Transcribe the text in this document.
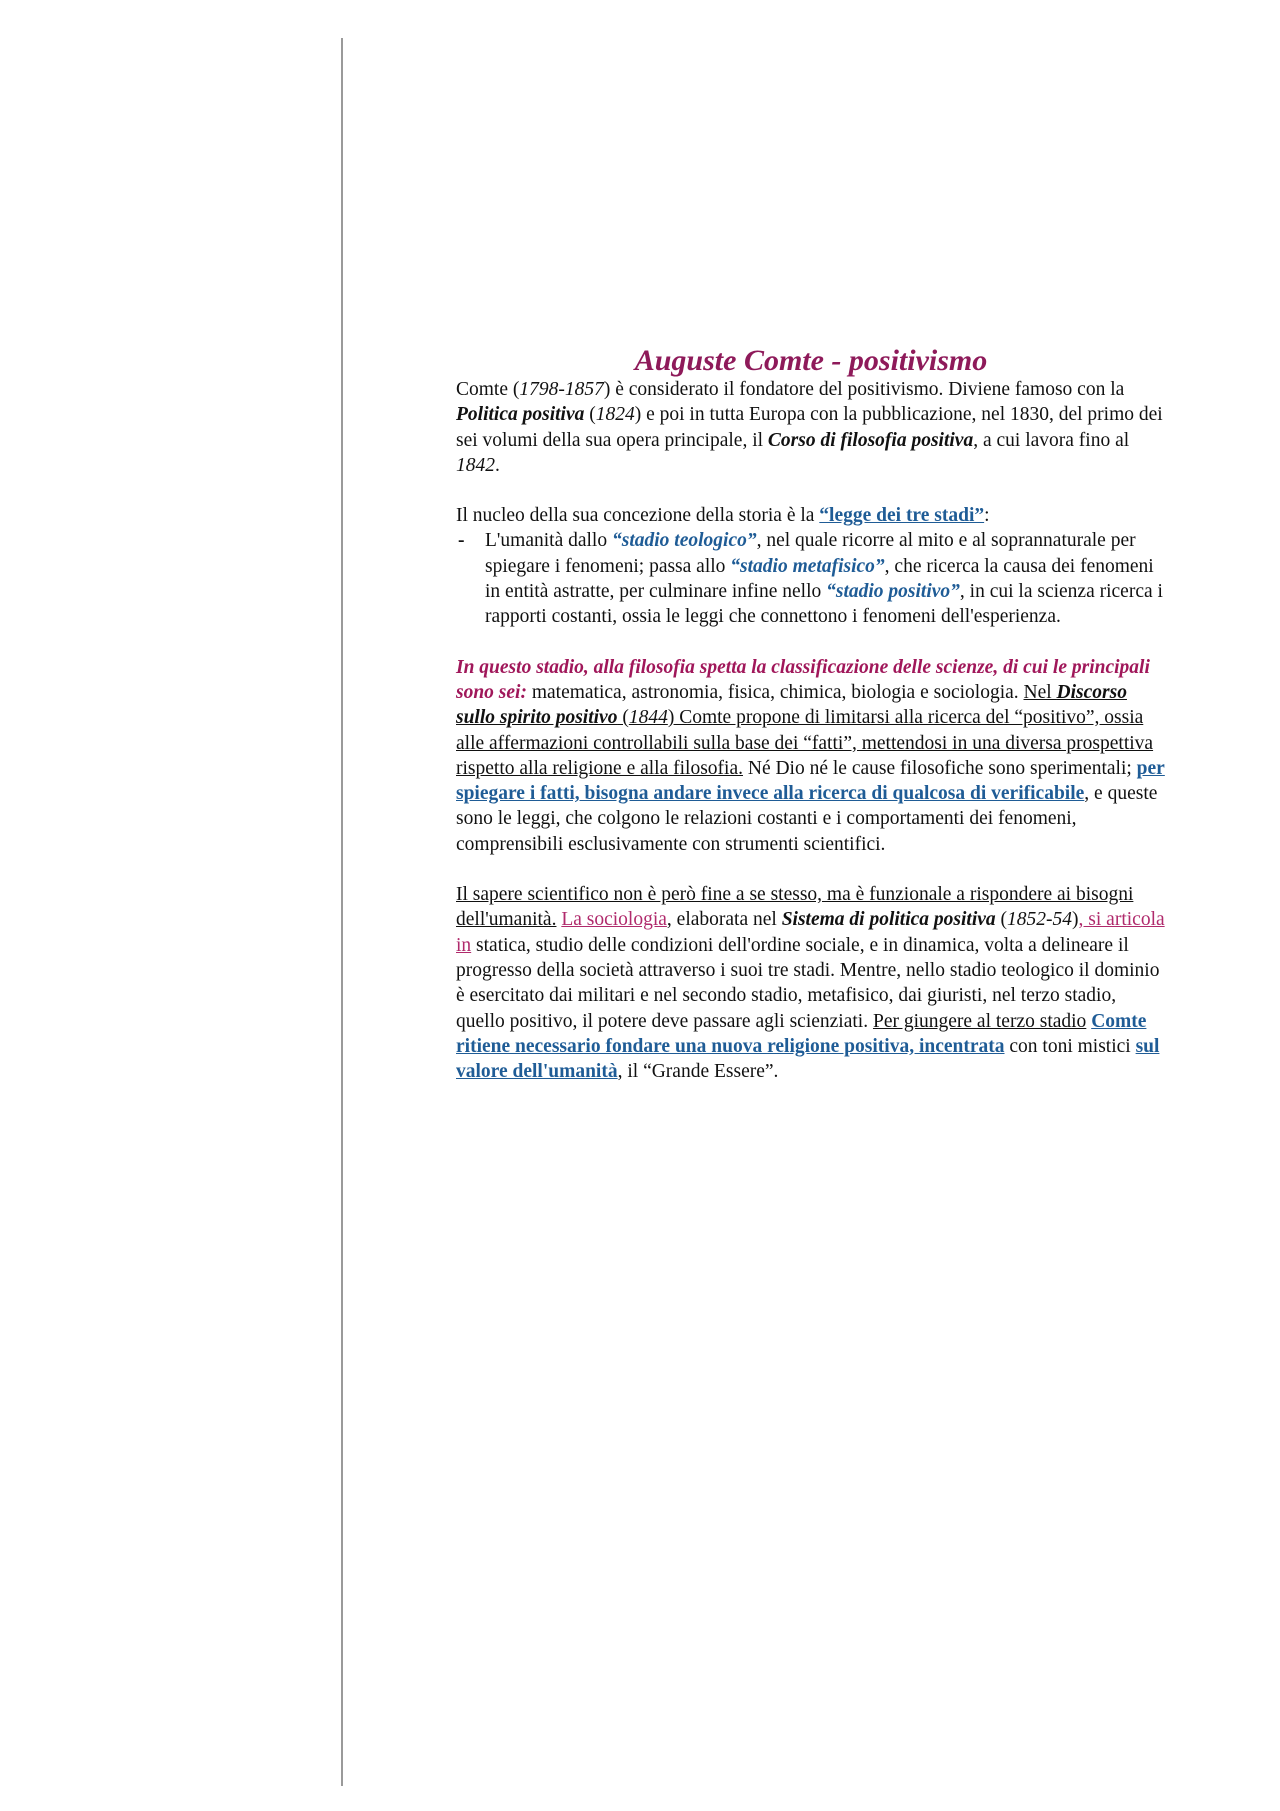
Auguste Comte - positivismo

Comte (1798-1857) è considerato il fondatore del positivismo. Diviene famoso con la Politica positiva (1824) e poi in tutta Europa con la pubblicazione, nel 1830, del primo dei sei volumi della sua opera principale, il Corso di filosofia positiva, a cui lavora fino al 1842.

Il nucleo della sua concezione della storia è la “legge dei tre stadi”:

-	L'umanità dallo “stadio teologico”, nel quale ricorre al mito e al soprannaturale per spiegare i fenomeni; passa allo “stadio metafisico”, che ricerca la causa dei fenomeni in entità astratte, per culminare infine nello “stadio positivo”, in cui la scienza ricerca i rapporti costanti, ossia le leggi che connettono i fenomeni dell'esperienza.

In questo stadio, alla filosofia spetta la classificazione delle scienze, di cui le principali sono sei: matematica, astronomia, fisica, chimica, biologia e sociologia. Nel Discorso sullo spirito positivo (1844) Comte propone di limitarsi alla ricerca del “positivo”, ossia alle affermazioni controllabili sulla base dei “fatti”, mettendosi in una diversa prospettiva rispetto alla religione e alla filosofia. Né Dio né le cause filosofiche sono sperimentali; per spiegare i fatti, bisogna andare invece alla ricerca di qualcosa di verificabile, e queste sono le leggi, che colgono le relazioni costanti e i comportamenti dei fenomeni, comprensibili esclusivamente con strumenti scientifici.

Il sapere scientifico non è però fine a se stesso, ma è funzionale a rispondere ai bisogni dell'umanità. La sociologia, elaborata nel Sistema di politica positiva (1852-54), si articola in statica, studio delle condizioni dell'ordine sociale, e in dinamica, volta a delineare il progresso della società attraverso i suoi tre stadi. Mentre, nello stadio teologico il dominio è esercitato dai militari e nel secondo stadio, metafisico, dai giuristi, nel terzo stadio, quello positivo, il potere deve passare agli scienziati. Per giungere al terzo stadio Comte ritiene necessario fondare una nuova religione positiva, incentrata con toni mistici sul valore dell'umanità, il “Grande Essere”.
